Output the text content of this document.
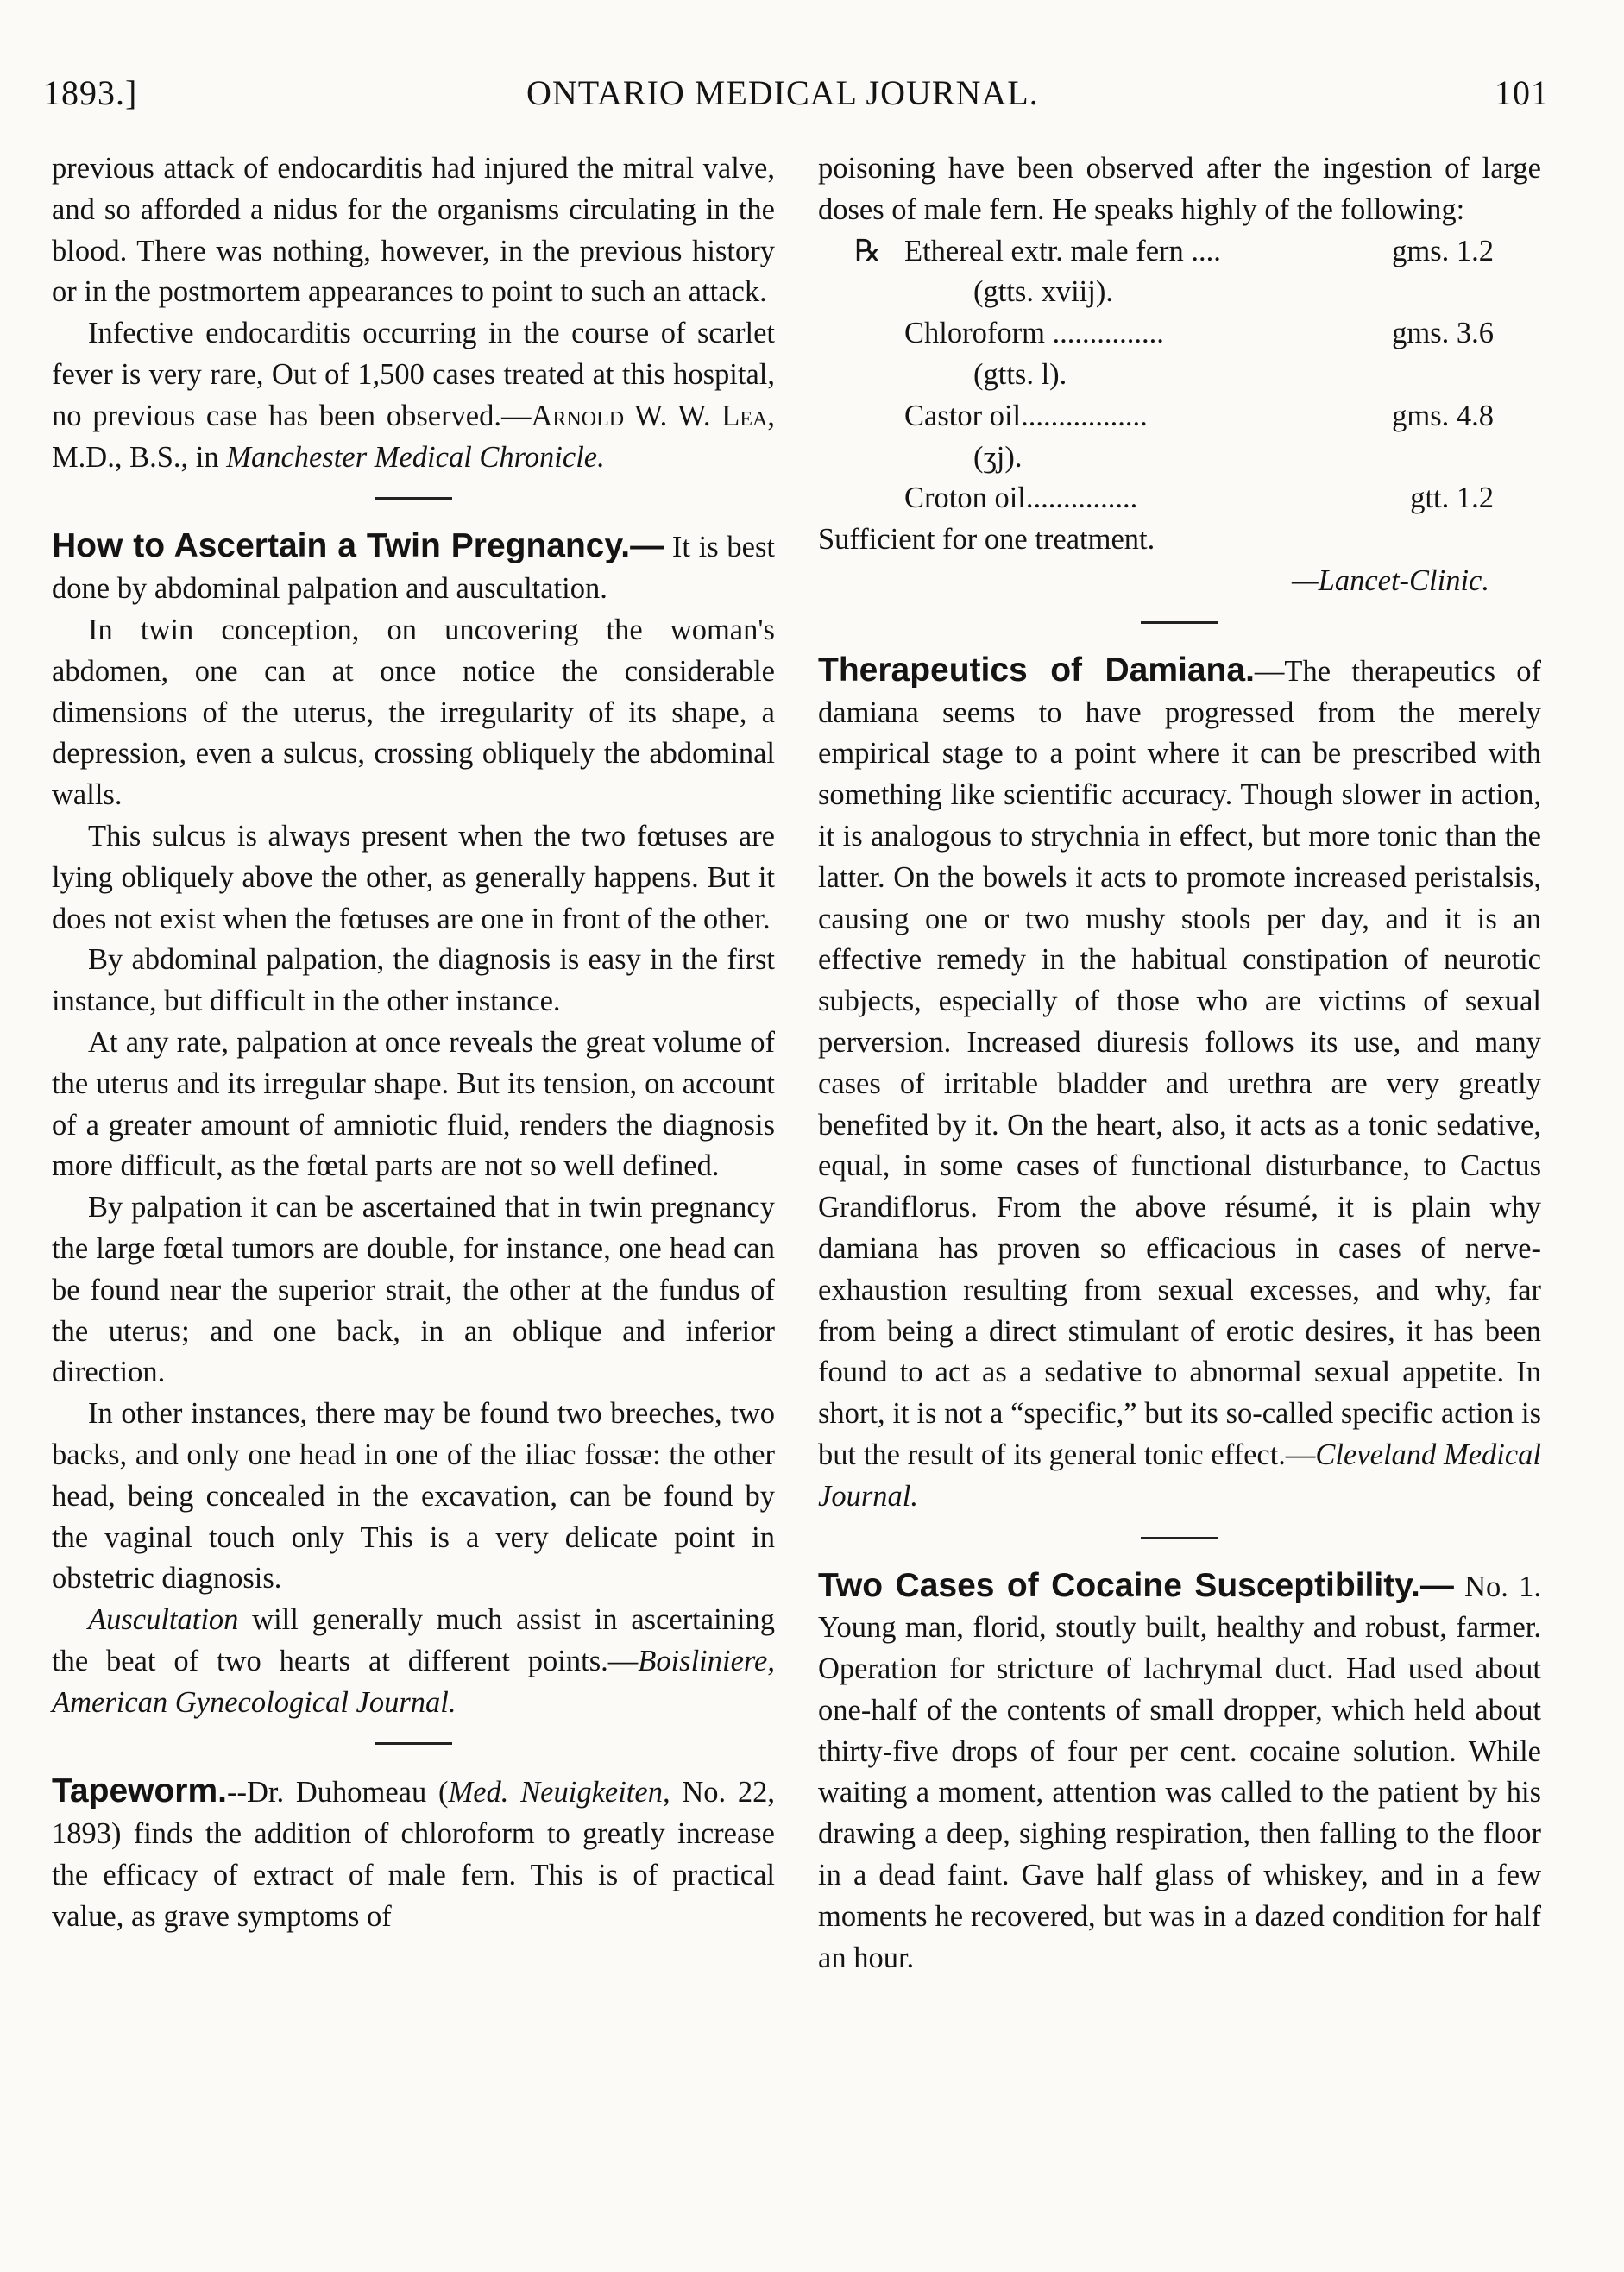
1893.]	ONTARIO MEDICAL JOURNAL.	101

previous attack of endocarditis had injured the mitral valve, and so afforded a nidus for the organisms circulating in the blood. There was nothing, however, in the previous history or in the postmortem appearances to point to such an attack.

Infective endocarditis occurring in the course of scarlet fever is very rare, Out of 1,500 cases treated at this hospital, no previous case has been observed.—Arnold W. W. Lea, M.D., B.S., in Manchester Medical Chronicle.

How to Ascertain a Twin Pregnancy.— It is best done by abdominal palpation and auscultation.

In twin conception, on uncovering the woman's abdomen, one can at once notice the considerable dimensions of the uterus, the irregularity of its shape, a depression, even a sulcus, crossing obliquely the abdominal walls.

This sulcus is always present when the two fœtuses are lying obliquely above the other, as generally happens. But it does not exist when the fœtuses are one in front of the other.

By abdominal palpation, the diagnosis is easy in the first instance, but difficult in the other instance.

At any rate, palpation at once reveals the great volume of the uterus and its irregular shape. But its tension, on account of a greater amount of amniotic fluid, renders the diagnosis more difficult, as the fœtal parts are not so well defined.

By palpation it can be ascertained that in twin pregnancy the large fœtal tumors are double, for instance, one head can be found near the superior strait, the other at the fundus of the uterus; and one back, in an oblique and inferior direction.

In other instances, there may be found two breeches, two backs, and only one head in one of the iliac fossæ: the other head, being concealed in the excavation, can be found by the vaginal touch only This is a very delicate point in obstetric diagnosis.

Auscultation will generally much assist in ascertaining the beat of two hearts at different points.—Boisliniere, American Gynecological Journal.

Tapeworm.--Dr. Duhomeau (Med. Neuigkeiten, No. 22, 1893) finds the addition of chloroform to greatly increase the efficacy of extract of male fern. This is of practical value, as grave symptoms of

poisoning have been observed after the ingestion of large doses of male fern. He speaks highly of the following:

℞ Ethereal extr. male fern ....	gms. 1.2
(gtts. xviij).
Chloroform ...............	gms. 3.6
(gtts. l).
Castor oil.................	gms. 4.8
(ʒj).
Croton oil...............	gtt. 1.2

Sufficient for one treatment.

—Lancet-Clinic.

Therapeutics of Damiana.—The therapeutics of damiana seems to have progressed from the merely empirical stage to a point where it can be prescribed with something like scientific accuracy. Though slower in action, it is analogous to strychnia in effect, but more tonic than the latter. On the bowels it acts to promote increased peristalsis, causing one or two mushy stools per day, and it is an effective remedy in the habitual constipation of neurotic subjects, especially of those who are victims of sexual perversion. Increased diuresis follows its use, and many cases of irritable bladder and urethra are very greatly benefited by it. On the heart, also, it acts as a tonic sedative, equal, in some cases of functional disturbance, to Cactus Grandiflorus. From the above résumé, it is plain why damiana has proven so efficacious in cases of nerve-exhaustion resulting from sexual excesses, and why, far from being a direct stimulant of erotic desires, it has been found to act as a sedative to abnormal sexual appetite. In short, it is not a “specific,” but its so-called specific action is but the result of its general tonic effect.—Cleveland Medical Journal.

Two Cases of Cocaine Susceptibility.— No. 1. Young man, florid, stoutly built, healthy and robust, farmer. Operation for stricture of lachrymal duct. Had used about one-half of the contents of small dropper, which held about thirty-five drops of four per cent. cocaine solution. While waiting a moment, attention was called to the patient by his drawing a deep, sighing respiration, then falling to the floor in a dead faint. Gave half glass of whiskey, and in a few moments he recovered, but was in a dazed condition for half an hour.
